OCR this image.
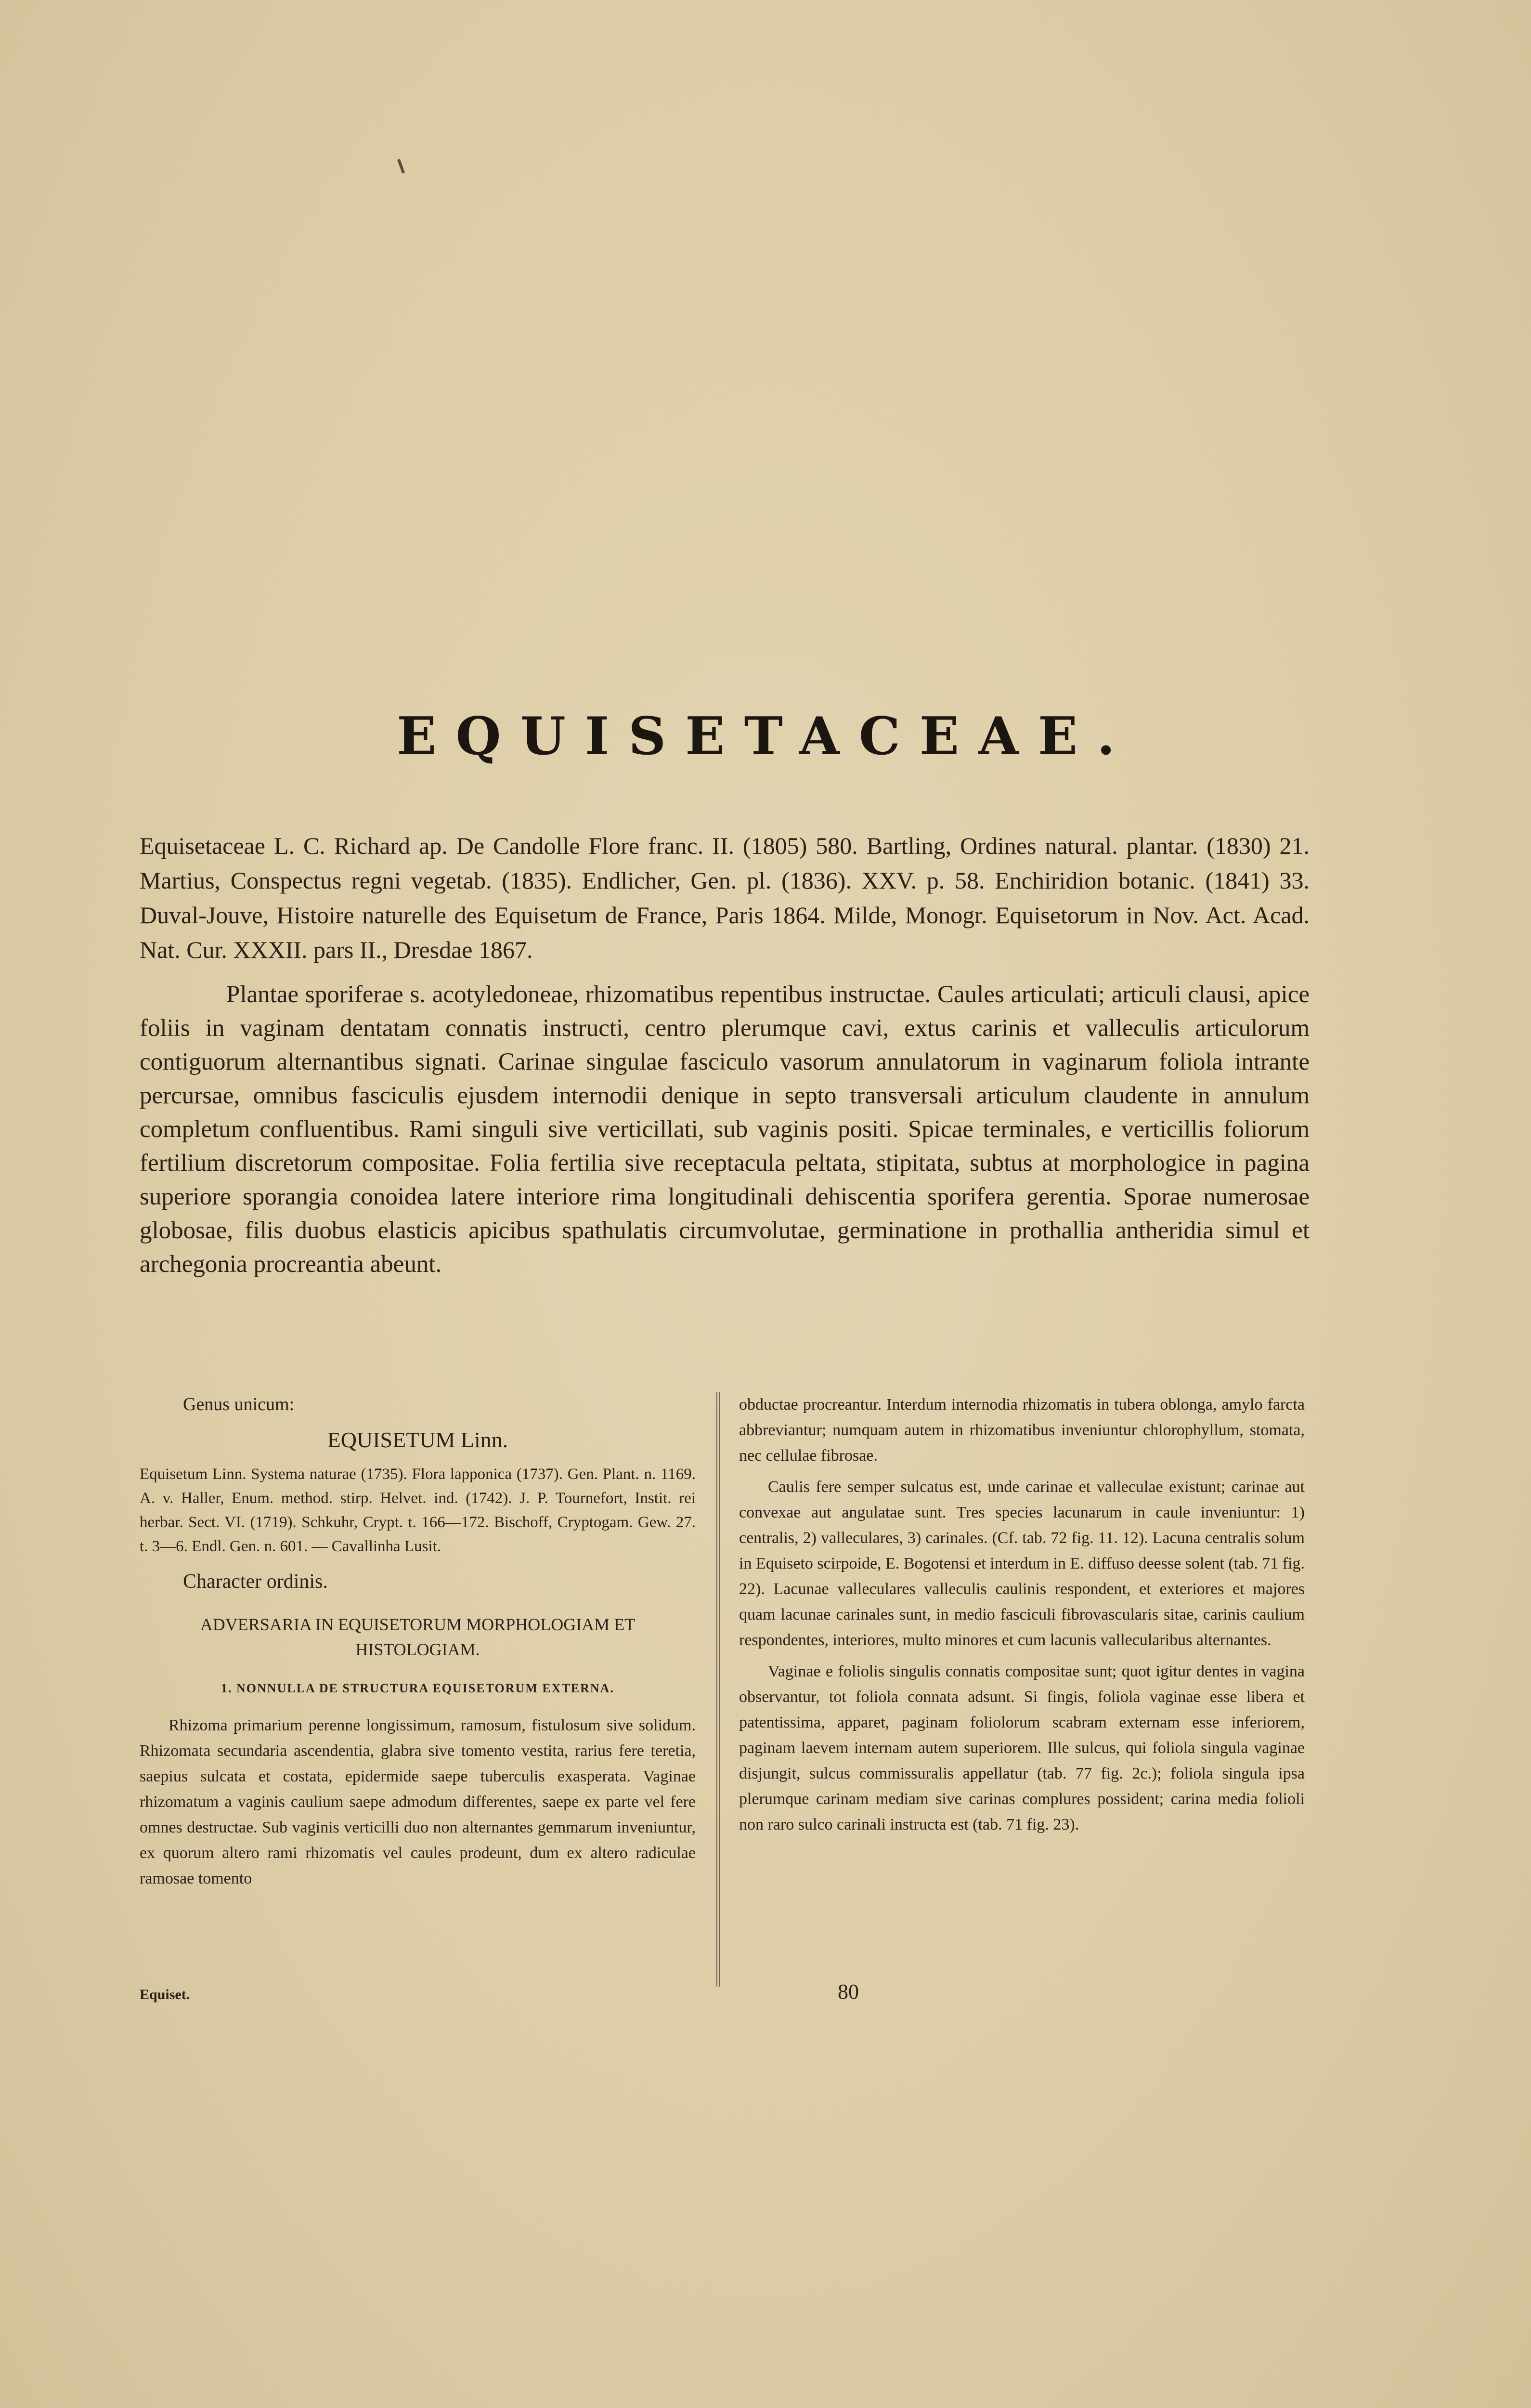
EQUISETACEAE.
Equisetaceae L. C. Richard ap. De Candolle Flore franc. II. (1805) 580. Bartling, Ordines natural. plantar. (1830) 21. Martius, Conspectus regni vegetab. (1835). Endlicher, Gen. pl. (1836). XXV. p. 58. Enchiridion botanic. (1841) 33. Duval-Jouve, Histoire naturelle des Equisetum de France, Paris 1864. Milde, Monogr. Equisetorum in Nov. Act. Acad. Nat. Cur. XXXII. pars II., Dresdae 1867.
Plantae sporiferae s. acotyledoneae, rhizomatibus repentibus instructae. Caules articulati; articuli clausi, apice foliis in vaginam dentatam connatis instructi, centro plerumque cavi, extus carinis et valleculis articulorum contiguorum alternantibus signati. Carinae singulae fasciculo vasorum annulatorum in vaginarum foliola intrante percursae, omnibus fasciculis ejusdem internodii denique in septo transversali articulum claudente in annulum completum confluentibus. Rami singuli sive verticillati, sub vaginis positi. Spicae terminales, e verticillis foliorum fertilium discretorum compositae. Folia fertilia sive receptacula peltata, stipitata, subtus at morphologice in pagina superiore sporangia conoidea latere interiore rima longitudinali dehiscentia sporifera gerentia. Sporae numerosae globosae, filis duobus elasticis apicibus spathulatis circumvolutae, germinatione in prothallia antheridia simul et archegonia procreantia abeunt.
Genus unicum:
EQUISETUM Linn.
Equisetum Linn. Systema naturae (1735). Flora lapponica (1737). Gen. Plant. n. 1169. A. v. Haller, Enum. method. stirp. Helvet. ind. (1742). J. P. Tournefort, Instit. rei herbar. Sect. VI. (1719). Schkuhr, Crypt. t. 166—172. Bischoff, Cryptogam. Gew. 27. t. 3—6. Endl. Gen. n. 601. — Cavallinha Lusit.
Character ordinis.
ADVERSARIA IN EQUISETORUM MORPHOLOGIAM ET HISTOLOGIAM.
1. NONNULLA DE STRUCTURA EQUISETORUM EXTERNA.
Rhizoma primarium perenne longissimum, ramosum, fistulosum sive solidum. Rhizomata secundaria ascendentia, glabra sive tomento vestita, rarius fere teretia, saepius sulcata et costata, epidermide saepe tuberculis exasperata. Vaginae rhizomatum a vaginis caulium saepe admodum differentes, saepe ex parte vel fere omnes destructae. Sub vaginis verticilli duo non alternantes gemmarum inveniuntur, ex quorum altero rami rhizomatis vel caules prodeunt, dum ex altero radiculae ramosae tomento
obductae procreantur. Interdum internodia rhizomatis in tubera oblonga, amylo farcta abbreviantur; numquam autem in rhizomatibus inveniuntur chlorophyllum, stomata, nec cellulae fibrosae.
Caulis fere semper sulcatus est, unde carinae et valleculae existunt; carinae aut convexae aut angulatae sunt. Tres species lacunarum in caule inveniuntur: 1) centralis, 2) valleculares, 3) carinales. (Cf. tab. 72 fig. 11. 12). Lacuna centralis solum in Equiseto scirpoide, E. Bogotensi et interdum in E. diffuso deesse solent (tab. 71 fig. 22). Lacunae valleculares valleculis caulinis respondent, et exteriores et majores quam lacunae carinales sunt, in medio fasciculi fibrovascularis sitae, carinis caulium respondentes, interiores, multo minores et cum lacunis vallecularibus alternantes.
Vaginae e foliolis singulis connatis compositae sunt; quot igitur dentes in vagina observantur, tot foliola connata adsunt. Si fingis, foliola vaginae esse libera et patentissima, apparet, paginam foliolorum scabram externam esse inferiorem, paginam laevem internam autem superiorem. Ille sulcus, qui foliola singula vaginae disjungit, sulcus commissuralis appellatur (tab. 77 fig. 2c.); foliola singula ipsa plerumque carinam mediam sive carinas complures possident; carina media folioli non raro sulco carinali instructa est (tab. 71 fig. 23).
Equiset.	80
